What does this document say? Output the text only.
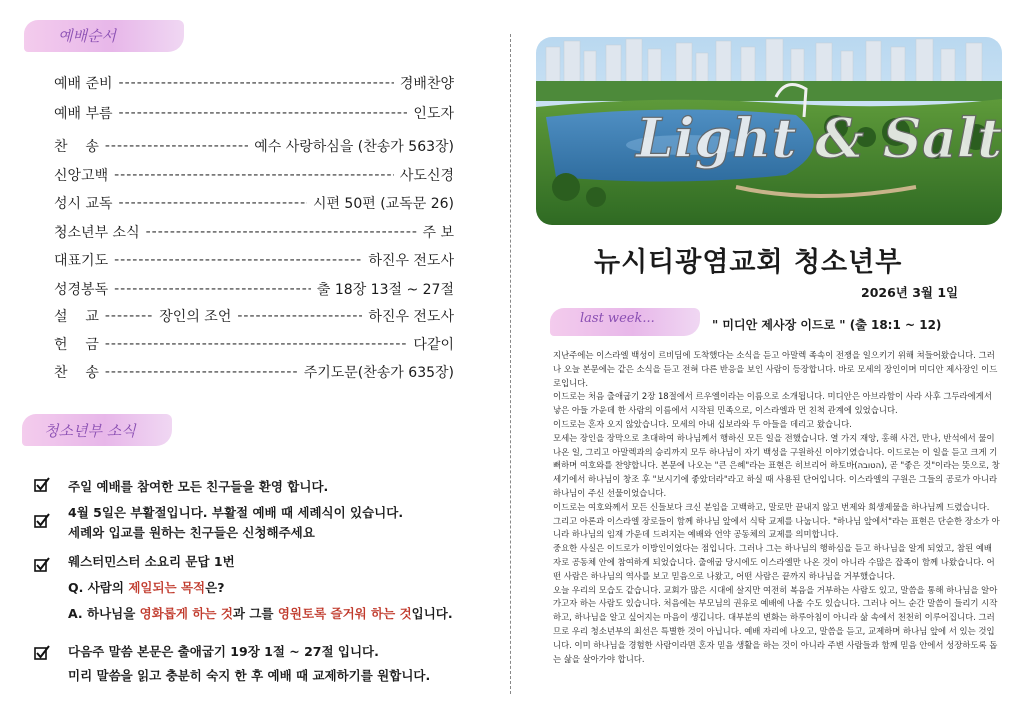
예배순서
예배 준비 -----	경배찬양
예배 부름 -----	인도자
찬    송 -----	예수 사랑하심을 (찬송가 563장)
신앙고백 -----	사도신경
성시 교독 -----	시편 50편 (교독문 26)
청소년부 소식 -----	주 보
대표기도 -----	하진우 전도사
성경봉독 -----	출 18장 13절 ~ 27절
설    교 -------- 장인의 조언 -----	하진우 전도사
헌    금 -----	다같이
찬    송 -----	주기도문(찬송가 635장)
청소년부 소식
주일 예배를 참여한 모든 친구들을 환영 합니다.
4월 5일은 부활절입니다. 부활절 예배 때 세례식이 있습니다.
세례와 입교를 원하는 친구들은 신청해주세요
웨스터민스터 소요리 문답 1번
Q. 사람의 제일되는 목적은?
A. 하나님을 영화롭게 하는 것과 그를 영원토록 즐거워 하는 것입니다.
다음주 말씀 본문은 출애굽기 19장 1절 ~ 27절 입니다.
미리 말씀을 읽고 충분히 숙지 한 후 예배 때 교제하기를 원합니다.
Light & Salt
뉴시티광염교회 청소년부
2026년 3월 1일
last week...	" 미디안 제사장 이드로 " (출 18:1 ~ 12)

지난주에는 이스라엘 백성이 르비딤에 도착했다는 소식을 듣고 아말렉 족속이 전쟁을 일으키기 위해 쳐들어왔습니다. 그러나 오늘 본문에는 같은 소식을 듣고 전혀 다른 반응을 보인 사람이 등장합니다. 바로 모세의 장인이며 미디안 제사장인 이드로입니다.

이드로는 처음 출애굽기 2장 18절에서 르우엘이라는 이름으로 소개됩니다. 미디안은 아브라함이 사라 사후 그두라에게서 낳은 아들 가운데 한 사람의 이름에서 시작된 민족으로, 이스라엘과 먼 친척 관계에 있었습니다.

이드로는 혼자 오지 않았습니다. 모세의 아내 십보라와 두 아들을 데리고 왔습니다.

모세는 장인을 장막으로 초대하여 하나님께서 행하신 모든 일을 전했습니다. 열 가지 재앙, 홍해 사건, 만나, 반석에서 물이 나온 일, 그리고 아말렉과의 승리까지 모두 하나님이 자기 백성을 구원하신 이야기였습니다. 이드로는 이 일을 듣고 크게 기뻐하며 여호와를 찬양합니다. 본문에 나오는 "큰 은혜"라는 표현은 히브리어 하토바(הטובה), 곧 "좋은 것"이라는 뜻으로, 창세기에서 하나님이 창조 후 "보시기에 좋았더라"라고 하실 때 사용된 단어입니다. 이스라엘의 구원은 그들의 공로가 아니라 하나님이 주신 선물이었습니다.

이드로는 여호와께서 모든 신들보다 크신 분임을 고백하고, 말로만 끝내지 않고 번제와 희생제물을 하나님께 드렸습니다. 그리고 아론과 이스라엘 장로들이 함께 하나님 앞에서 식탁 교제를 나눕니다. "하나님 앞에서"라는 표현은 단순한 장소가 아니라 하나님의 임재 가운데 드려지는 예배와 언약 공동체의 교제를 의미합니다.

중요한 사실은 이드로가 이방인이었다는 점입니다. 그러나 그는 하나님의 행하심을 듣고 하나님을 알게 되었고, 참된 예배자로 공동체 안에 참여하게 되었습니다. 출애굽 당시에도 이스라엘만 나온 것이 아니라 수많은 잡족이 함께 나왔습니다. 어떤 사람은 하나님의 역사를 보고 믿음으로 나왔고, 어떤 사람은 끝까지 하나님을 거부했습니다.

오늘 우리의 모습도 같습니다. 교회가 많은 시대에 살지만 여전히 복음을 거부하는 사람도 있고, 말씀을 통해 하나님을 알아가고자 하는 사람도 있습니다. 처음에는 부모님의 권유로 예배에 나올 수도 있습니다. 그러나 어느 순간 말씀이 들리기 시작하고, 하나님을 알고 싶어지는 마음이 생깁니다. 대부분의 변화는 하루아침이 아니라 삶 속에서 천천히 이루어집니다. 그러므로 우리 청소년부의 최선은 특별한 것이 아닙니다. 예배 자리에 나오고, 말씀을 듣고, 교제하며 하나님 앞에 서 있는 것입니다. 이미 하나님을 경험한 사람이라면 혼자 믿음 생활을 하는 것이 아니라 주변 사람들과 함께 믿음 안에서 성장하도록 돕는 삶을 살아가야 합니다.
